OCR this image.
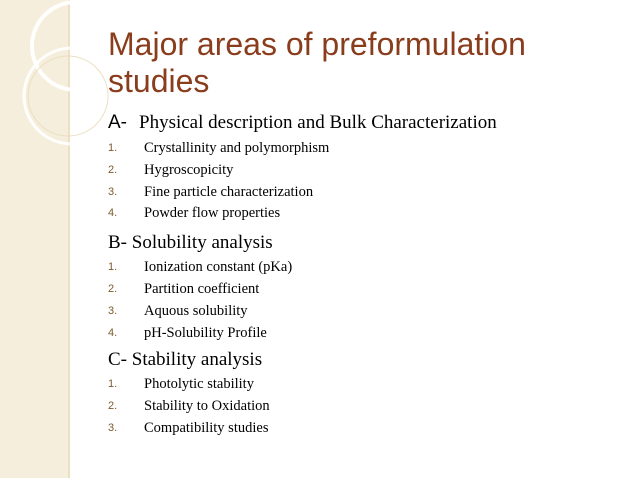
Major areas of preformulation studies
A- Physical description and Bulk Characterization
1. Crystallinity and polymorphism
2. Hygroscopicity
3. Fine particle characterization
4. Powder flow properties
B- Solubility analysis
1. Ionization constant (pKa)
2. Partition coefficient
3. Aquous solubility
4. pH-Solubility Profile
C- Stability analysis
1. Photolytic stability
2. Stability to Oxidation
3. Compatibility studies
